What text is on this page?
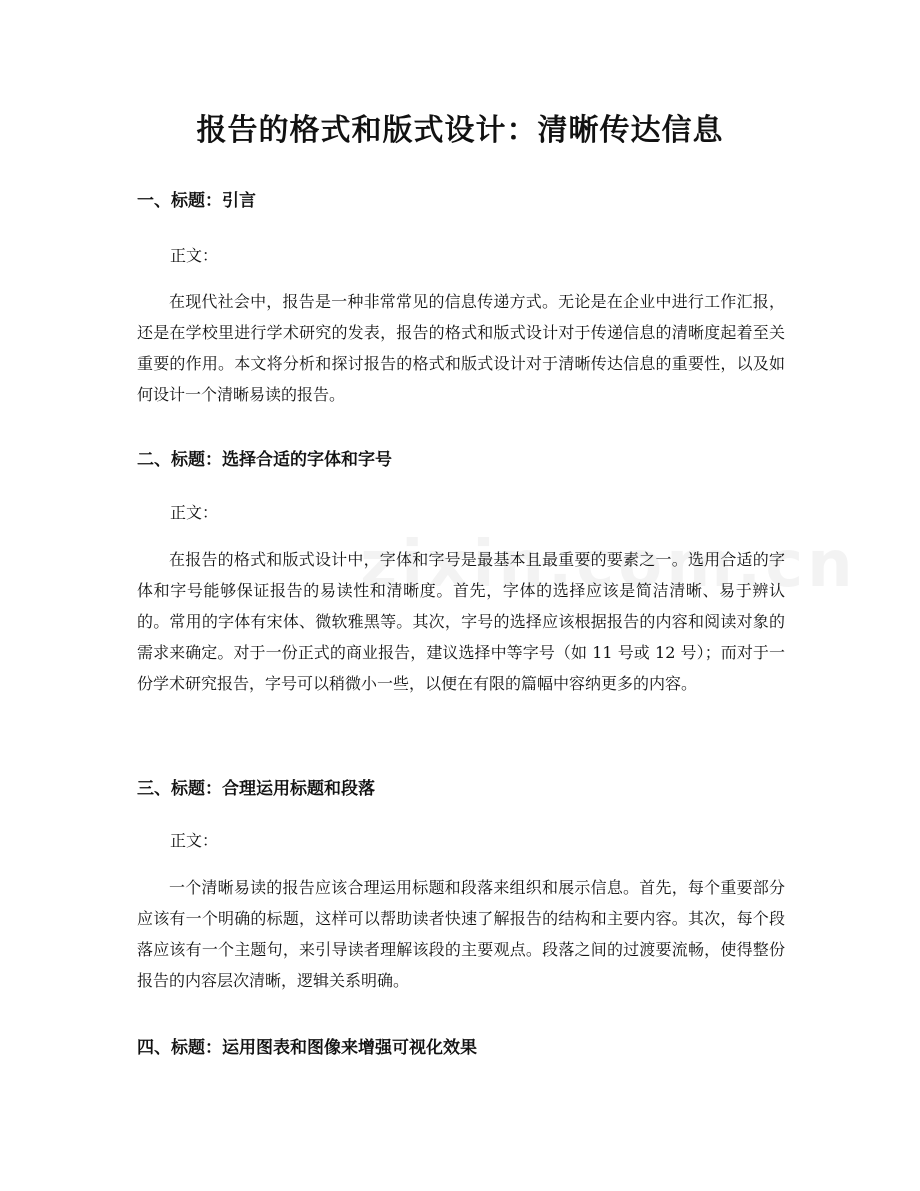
报告的格式和版式设计：清晰传达信息
一、标题：引言
正文：
在现代社会中，报告是一种非常常见的信息传递方式。无论是在企业中进行工作汇报，还是在学校里进行学术研究的发表，报告的格式和版式设计对于传递信息的清晰度起着至关重要的作用。本文将分析和探讨报告的格式和版式设计对于清晰传达信息的重要性，以及如何设计一个清晰易读的报告。
二、标题：选择合适的字体和字号
正文：
在报告的格式和版式设计中，字体和字号是最基本且最重要的要素之一。选用合适的字体和字号能够保证报告的易读性和清晰度。首先，字体的选择应该是简洁清晰、易于辨认的。常用的字体有宋体、微软雅黑等。其次，字号的选择应该根据报告的内容和阅读对象的需求来确定。对于一份正式的商业报告，建议选择中等字号（如 11 号或 12 号）；而对于一份学术研究报告，字号可以稍微小一些，以便在有限的篇幅中容纳更多的内容。
三、标题：合理运用标题和段落
正文：
一个清晰易读的报告应该合理运用标题和段落来组织和展示信息。首先，每个重要部分应该有一个明确的标题，这样可以帮助读者快速了解报告的结构和主要内容。其次，每个段落应该有一个主题句，来引导读者理解该段的主要观点。段落之间的过渡要流畅，使得整份报告的内容层次清晰，逻辑关系明确。
四、标题：运用图表和图像来增强可视化效果
